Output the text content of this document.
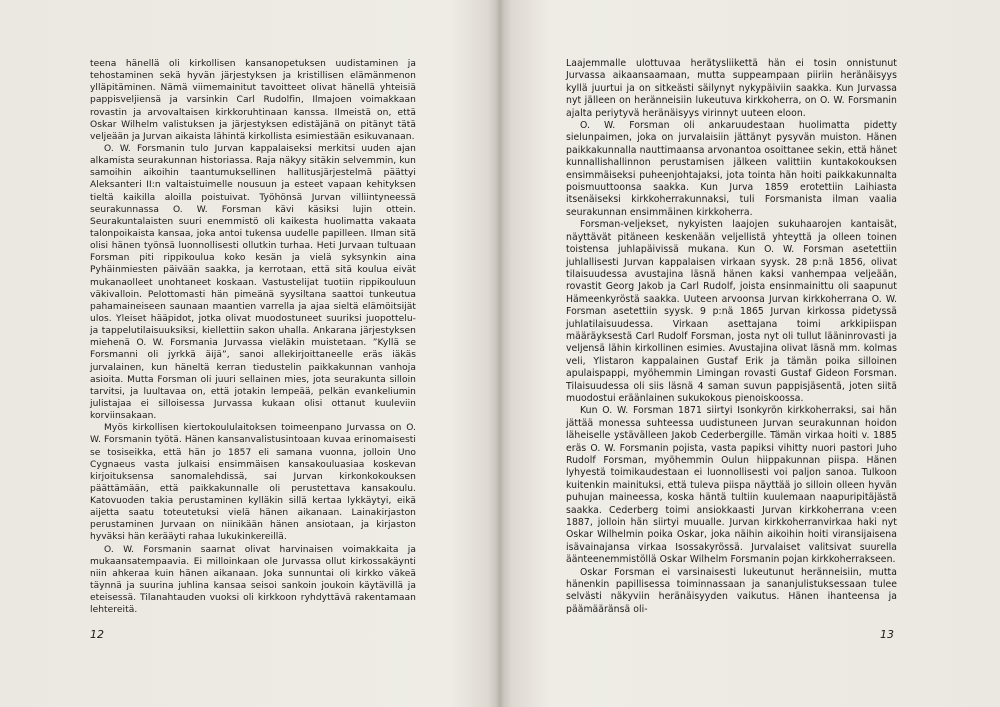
teena hänellä oli kirkollisen kansanopetuksen uudistaminen ja tehostaminen sekä hyvän järjestyksen ja kristillisen elämänmenon ylläpitäminen. Nämä viimemainitut tavoitteet olivat hänellä yhteisiä pappisveljiensä ja varsinkin Carl Rudolfin, Ilmajoen voimakkaan rovastin ja arvovaltaisen kirkkoruhtinaan kanssa. Ilmeistä on, että Oskar Wilhelm valistuksen ja järjestyksen edistäjänä on pitänyt tätä veljeään ja Jurvan aikaista lähintä kirkollista esimiestään esikuvanaan.

O. W. Forsmanin tulo Jurvan kappalaiseksi merkitsi uuden ajan alkamista seurakunnan historiassa. Raja näkyy sitäkin selvemmin, kun samoihin aikoihin taantumuksellinen hallitusjärjestelmä päättyi Aleksanteri II:n valtaistuimelle nousuun ja esteet vapaan kehityksen tieltä kaikilla aloilla poistuivat. Työhönsä Jurvan villiintyneessä seurakunnassa O. W. Forsman kävi käsiksi lujin ottein. Seurakuntalaisten suuri enemmistö oli kaikesta huolimatta vakaata talonpoikaista kansaa, joka antoi tukensa uudelle papilleen. Ilman sitä olisi hänen työnsä luonnollisesti ollutkin turhaa. Heti Jurvaan tultuaan Forsman piti rippikoulua koko kesän ja vielä syksynkin aina Pyhäinmiesten päivään saakka, ja kerrotaan, että sitä koulua eivät mukanaolleet unohtaneet koskaan. Vastustelijat tuotiin rippikouluun väkivalloin. Pelottomasti hän pimeänä syysiltana saattoi tunkeutua pahamaineiseen saunaan maantien varrella ja ajaa sieltä elämöitsijät ulos. Yleiset hääpidot, jotka olivat muodostuneet suuriksi juopottelu- ja tappelutilaisuuksiksi, kiellettiin sakon uhalla. Ankarana järjestyksen miehenä O. W. Forsmania Jurvassa vieläkin muistetaan. ”Kyllä se Forsmanni oli jyrkkä äijä”, sanoi allekirjoittaneelle eräs iäkäs jurvalainen, kun häneltä kerran tiedustelin paikkakunnan vanhoja asioita. Mutta Forsman oli juuri sellainen mies, jota seurakunta silloin tarvitsi, ja luultavaa on, että jotakin lempeää, pelkän evankeliumin julistajaa ei silloisessa Jurvassa kukaan olisi ottanut kuuleviin korviinsakaan.

Myös kirkollisen kiertokoululaitoksen toimeenpano Jurvassa on O. W. Forsmanin työtä. Hänen kansanvalistusintoaan kuvaa erinomaisesti se tosiseikka, että hän jo 1857 eli samana vuonna, jolloin Uno Cygnaeus vasta julkaisi ensimmäisen kansakouluasiaa koskevan kirjoituksensa sanomalehdissä, sai Jurvan kirkonkokouksen päättämään, että paikkakunnalle oli perustettava kansakoulu. Katovuoden takia perustaminen kylläkin sillä kertaa lykkäytyi, eikä aijetta saatu toteutetuksi vielä hänen aikanaan. Lainakirjaston perustaminen Jurvaan on niinikään hänen ansiotaan, ja kirjaston hyväksi hän kerääyti rahaa lukukinkereillä.

O. W. Forsmanin saarnat olivat harvinaisen voimakkaita ja mukaansatempaavia. Ei milloinkaan ole Jurvassa ollut kirkossakäynti niin ahkeraa kuin hänen aikanaan. Joka sunnuntai oli kirkko väkeä täynnä ja suurina juhlina kansaa seisoi sankoin joukoin käytävillä ja eteisessä. Tilanahtauden vuoksi oli kirkkoon ryhdyttävä rakentamaan lehtereitä.

12

Laajemmalle ulottuvaa herätysliikettä hän ei tosin onnistunut Jurvassa aikaansaamaan, mutta suppeampaan piiriin heränäisyys kyllä juurtui ja on sitkeästi säilynyt nykypäiviin saakka. Kun Jurvassa nyt jälleen on heränneisiin lukeutuva kirkkoherra, on O. W. Forsmanin ajalta periytyvä heränäisyys virinnyt uuteen eloon.

O. W. Forsman oli ankaruudestaan huolimatta pidetty sielunpaimen, joka on jurvalaisiin jättänyt pysyvän muiston. Hänen paikkakunnalla nauttimaansa arvonantoa osoittanee sekin, että hänet kunnallishallinnon perustamisen jälkeen valittiin kuntakokouksen ensimmäiseksi puheenjohtajaksi, jota tointa hän hoiti paikkakunnalta poismuuttoonsa saakka. Kun Jurva 1859 erotettiin Laihiasta itsenäiseksi kirkkoherrakunnaksi, tuli Forsmanista ilman vaalia seurakunnan ensimmäinen kirkkoherra.

Forsman-veljekset, nykyisten laajojen sukuhaarojen kantaisät, näyttävät pitäneen keskenään veljellistä yhteyttä ja olleen toinen toistensa juhlapäivissä mukana. Kun O. W. Forsman asetettiin juhlallisesti Jurvan kappalaisen virkaan syysk. 28 p:nä 1856, olivat tilaisuudessa avustajina läsnä hänen kaksi vanhempaa veljeään, rovastit Georg Jakob ja Carl Rudolf, joista ensinmainittu oli saapunut Hämeenkyröstä saakka. Uuteen arvoonsa Jurvan kirkkoherrana O. W. Forsman asetettiin syysk. 9 p:nä 1865 Jurvan kirkossa pidetyssä juhlatilaisuudessa. Virkaan asettajana toimi arkkipiispan määräyksestä Carl Rudolf Forsman, josta nyt oli tullut lääninrovasti ja veljensä lähin kirkollinen esimies. Avustajina olivat läsnä mm. kolmas veli, Ylistaron kappalainen Gustaf Erik ja tämän poika silloinen apulaispappi, myöhemmin Limingan rovasti Gustaf Gideon Forsman. Tilaisuudessa oli siis läsnä 4 saman suvun pappisjäsentä, joten siitä muodostui eräänlainen sukukokous pienoiskoossa.

Kun O. W. Forsman 1871 siirtyi Isonkyrön kirkkoherraksi, sai hän jättää monessa suhteessa uudistuneen Jurvan seurakunnan hoidon läheiselle ystävälleen Jakob Cederbergille. Tämän virkaa hoiti v. 1885 eräs O. W. Forsmanin pojista, vasta papiksi vihitty nuori pastori Juho Rudolf Forsman, myöhemmin Oulun hiippakunnan piispa. Hänen lyhyestä toimikaudestaan ei luonnollisesti voi paljon sanoa. Tulkoon kuitenkin mainituksi, että tuleva piispa näyttää jo silloin olleen hyvän puhujan maineessa, koska häntä tultiin kuulemaan naapuripitäjästä saakka. Cederberg toimi ansiokkaasti Jurvan kirkkoherrana v:een 1887, jolloin hän siirtyi muualle. Jurvan kirkkoherranvirkaa haki nyt Oskar Wilhelmin poika Oskar, joka näihin aikoihin hoiti viransijaisena isävainajansa virkaa Isossakyrössä. Jurvalaiset valitsivat suurella äänteenemmistöllä Oskar Wilhelm Forsmanin pojan kirkkoherrakseen.

Oskar Forsman ei varsinaisesti lukeutunut heränneisiin, mutta hänenkin papillisessa toiminnassaan ja sananjulistuksessaan tulee selvästi näkyviin heränäisyyden vaikutus. Hänen ihanteensa ja päämääränsä oli-

13
